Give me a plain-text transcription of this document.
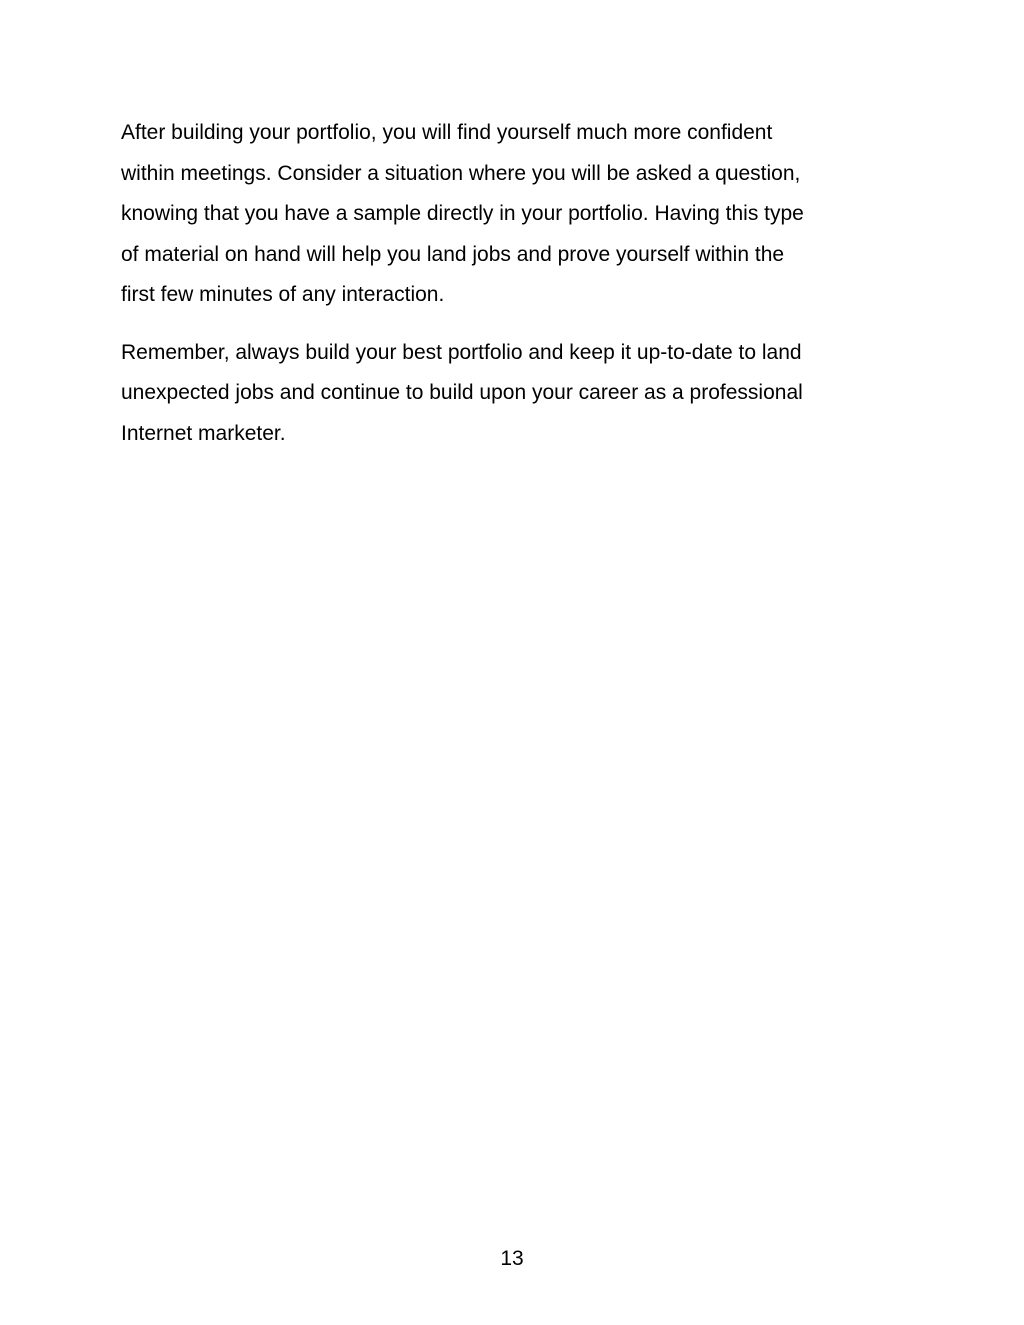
After building your portfolio, you will find yourself much more confident
within meetings. Consider a situation where you will be asked a question,
knowing that you have a sample directly in your portfolio. Having this type
of material on hand will help you land jobs and prove yourself within the
first few minutes of any interaction.

Remember, always build your best portfolio and keep it up-to-date to land
unexpected jobs and continue to build upon your career as a professional
Internet marketer.

13
